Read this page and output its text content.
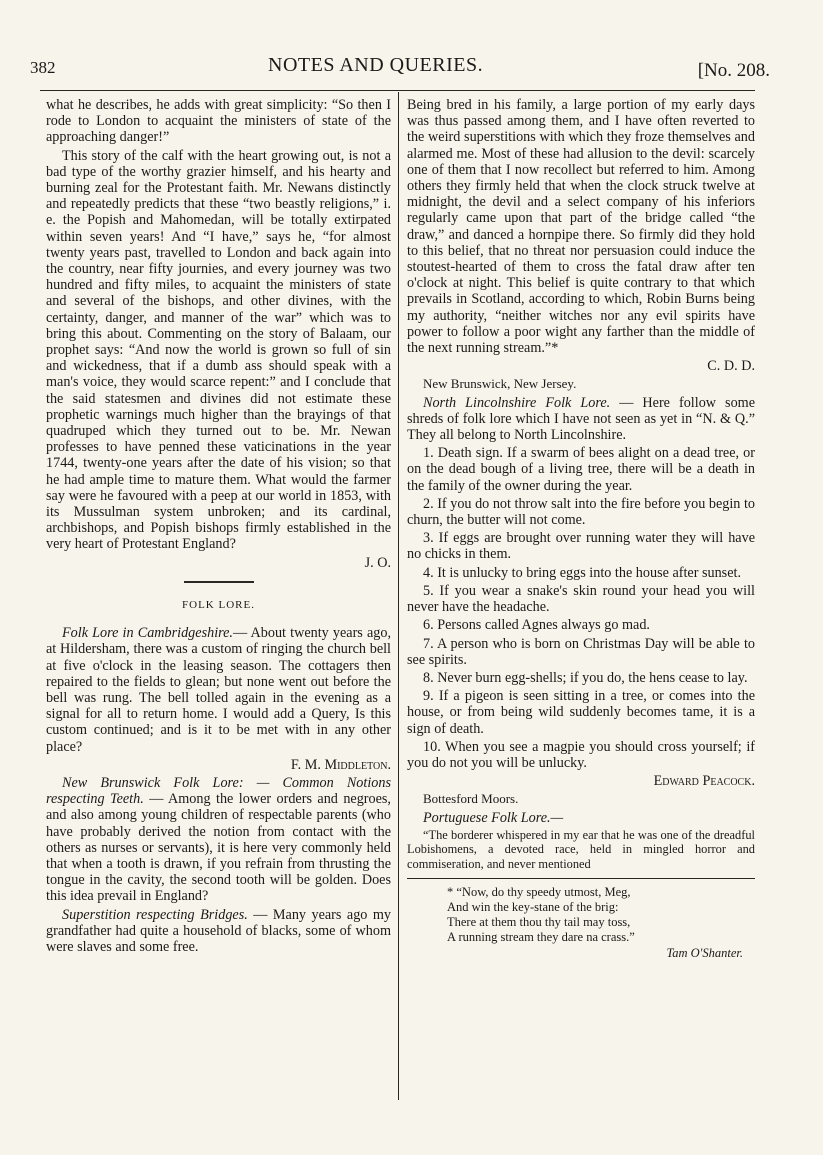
382	NOTES AND QUERIES.	[No. 208.

what he describes, he adds with great simplicity: “So then I rode to London to acquaint the ministers of state of the approaching danger!”

This story of the calf with the heart growing out, is not a bad type of the worthy grazier himself, and his hearty and burning zeal for the Protestant faith. Mr. Newans distinctly and repeatedly predicts that these “two beastly religions,” i. e. the Popish and Mahomedan, will be totally extirpated within seven years! And “I have,” says he, “for almost twenty years past, travelled to London and back again into the country, near fifty journies, and every journey was two hundred and fifty miles, to acquaint the ministers of state and several of the bishops, and other divines, with the certainty, danger, and manner of the war” which was to bring this about. Commenting on the story of Balaam, our prophet says: “And now the world is grown so full of sin and wickedness, that if a dumb ass should speak with a man's voice, they would scarce repent:” and I conclude that the said statesmen and divines did not estimate these prophetic warnings much higher than the brayings of that quadruped which they turned out to be. Mr. Newan professes to have penned these vaticinations in the year 1744, twenty-one years after the date of his vision; so that he had ample time to mature them. What would the farmer say were he favoured with a peep at our world in 1853, with its Mussulman system unbroken; and its cardinal, archbishops, and Popish bishops firmly established in the very heart of Protestant England?

J. O.

FOLK LORE.

Folk Lore in Cambridgeshire.— About twenty years ago, at Hildersham, there was a custom of ringing the church bell at five o'clock in the leasing season. The cottagers then repaired to the fields to glean; but none went out before the bell was rung. The bell tolled again in the evening as a signal for all to return home. I would add a Query, Is this custom continued; and is it to be met with in any other place?

F. M. Middleton.

New Brunswick Folk Lore: — Common Notions respecting Teeth. — Among the lower orders and negroes, and also among young children of respectable parents (who have probably derived the notion from contact with the others as nurses or servants), it is here very commonly held that when a tooth is drawn, if you refrain from thrusting the tongue in the cavity, the second tooth will be golden. Does this idea prevail in England?

Superstition respecting Bridges. — Many years ago my grandfather had quite a household of blacks, some of whom were slaves and some free.

Being bred in his family, a large portion of my early days was thus passed among them, and I have often reverted to the weird superstitions with which they froze themselves and alarmed me. Most of these had allusion to the devil: scarcely one of them that I now recollect but referred to him. Among others they firmly held that when the clock struck twelve at midnight, the devil and a select company of his inferiors regularly came upon that part of the bridge called “the draw,” and danced a hornpipe there. So firmly did they hold to this belief, that no threat nor persuasion could induce the stoutest-hearted of them to cross the fatal draw after ten o'clock at night. This belief is quite contrary to that which prevails in Scotland, according to which, Robin Burns being my authority, “neither witches nor any evil spirits have power to follow a poor wight any farther than the middle of the next running stream.”*

C. D. D.

New Brunswick, New Jersey.

North Lincolnshire Folk Lore. — Here follow some shreds of folk lore which I have not seen as yet in “N. & Q.” They all belong to North Lincolnshire.

1. Death sign. If a swarm of bees alight on a dead tree, or on the dead bough of a living tree, there will be a death in the family of the owner during the year.

2. If you do not throw salt into the fire before you begin to churn, the butter will not come.

3. If eggs are brought over running water they will have no chicks in them.

4. It is unlucky to bring eggs into the house after sunset.

5. If you wear a snake's skin round your head you will never have the headache.

6. Persons called Agnes always go mad.

7. A person who is born on Christmas Day will be able to see spirits.

8. Never burn egg-shells; if you do, the hens cease to lay.

9. If a pigeon is seen sitting in a tree, or comes into the house, or from being wild suddenly becomes tame, it is a sign of death.

10. When you see a magpie you should cross yourself; if you do not you will be unlucky.

Edward Peacock.

Bottesford Moors.

Portuguese Folk Lore.—

“The borderer whispered in my ear that he was one of the dreadful Lobishomens, a devoted race, held in mingled horror and commiseration, and never mentioned

* “Now, do thy speedy utmost, Meg,
And win the key-stane of the brig:
There at them thou thy tail may toss,
A running stream they dare na crass.”
Tam O'Shanter.
